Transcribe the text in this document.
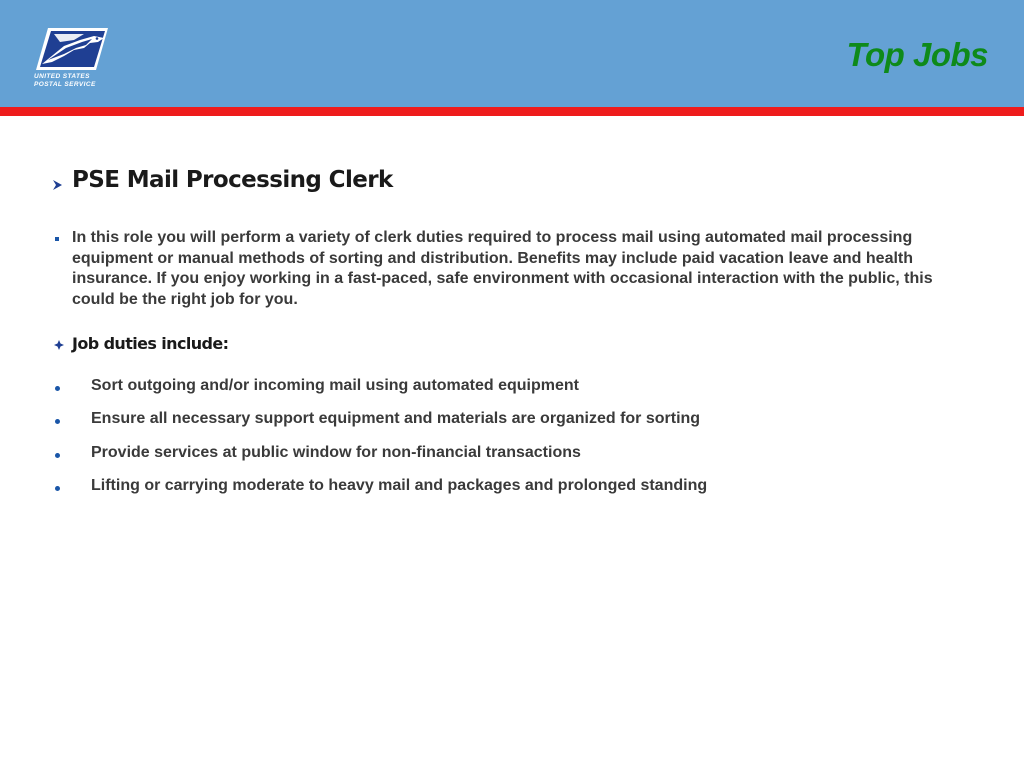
UNITED STATES
POSTAL SERVICE
Top Jobs
PSE Mail Processing Clerk
In this role you will perform a variety of clerk duties required to process mail using automated mail processing equipment or manual methods of sorting and distribution. Benefits may include paid vacation leave and health insurance. If you enjoy working in a fast-paced, safe environment with occasional interaction with the public, this could be the right job for you.
Job duties include:
Sort outgoing and/or incoming mail using automated equipment
Ensure all necessary support equipment and materials are organized for sorting
Provide services at public window for non-financial transactions
Lifting or carrying moderate to heavy mail and packages and prolonged standing
